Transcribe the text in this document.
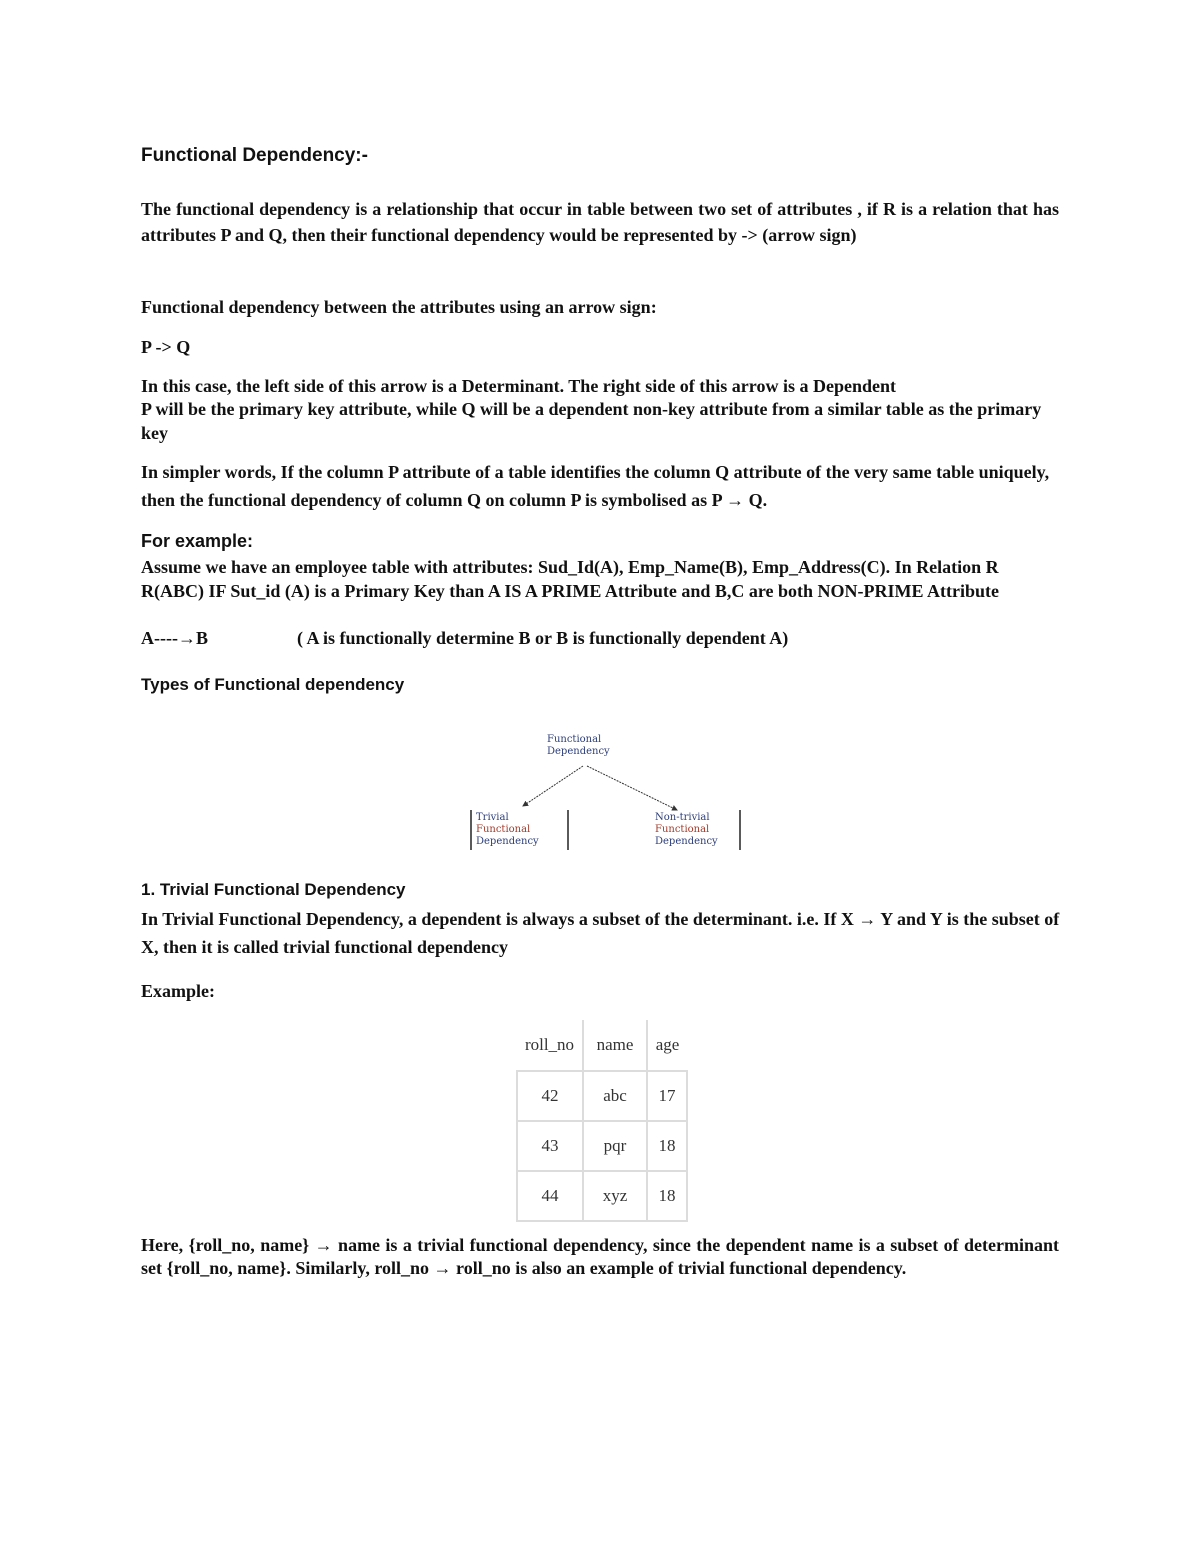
Functional Dependency:-
The functional dependency is a relationship that occur in table between two set of attributes , if R is a relation that has attributes P and Q, then their functional dependency would be represented by -> (arrow sign)
Functional dependency between the attributes using an arrow sign:
P -> Q
In this case, the left side of this arrow is a Determinant. The right side of this arrow is a Dependent
P will be the primary key attribute, while Q will be a dependent non-key attribute from a similar table as the primary key
In simpler words, If the column P attribute of a table identifies the column Q attribute of the very same table uniquely, then the functional dependency of column Q on column P is symbolised as P → Q.
For example:
Assume we have an employee table with attributes: Sud_Id(A), Emp_Name(B), Emp_Address(C). In Relation R R(ABC) IF Sut_id (A) is a Primary Key than A IS A PRIME Attribute and B,C are both NON-PRIME Attribute
A----→B	( A is functionally determine B or B is functionally dependent A)
Types of Functional dependency
Functional
Dependency
Trivial
Functional
Dependency
Non-trivial
Functional
Dependency
1. Trivial Functional Dependency
In Trivial Functional Dependency, a dependent is always a subset of the determinant. i.e. If X → Y and Y is the subset of X, then it is called trivial functional dependency
Example:
roll_no	name	age
42	abc	17
43	pqr	18
44	xyz	18
Here, {roll_no, name} → name is a trivial functional dependency, since the dependent name is a subset of determinant set {roll_no, name}. Similarly, roll_no → roll_no is also an example of trivial functional dependency.
